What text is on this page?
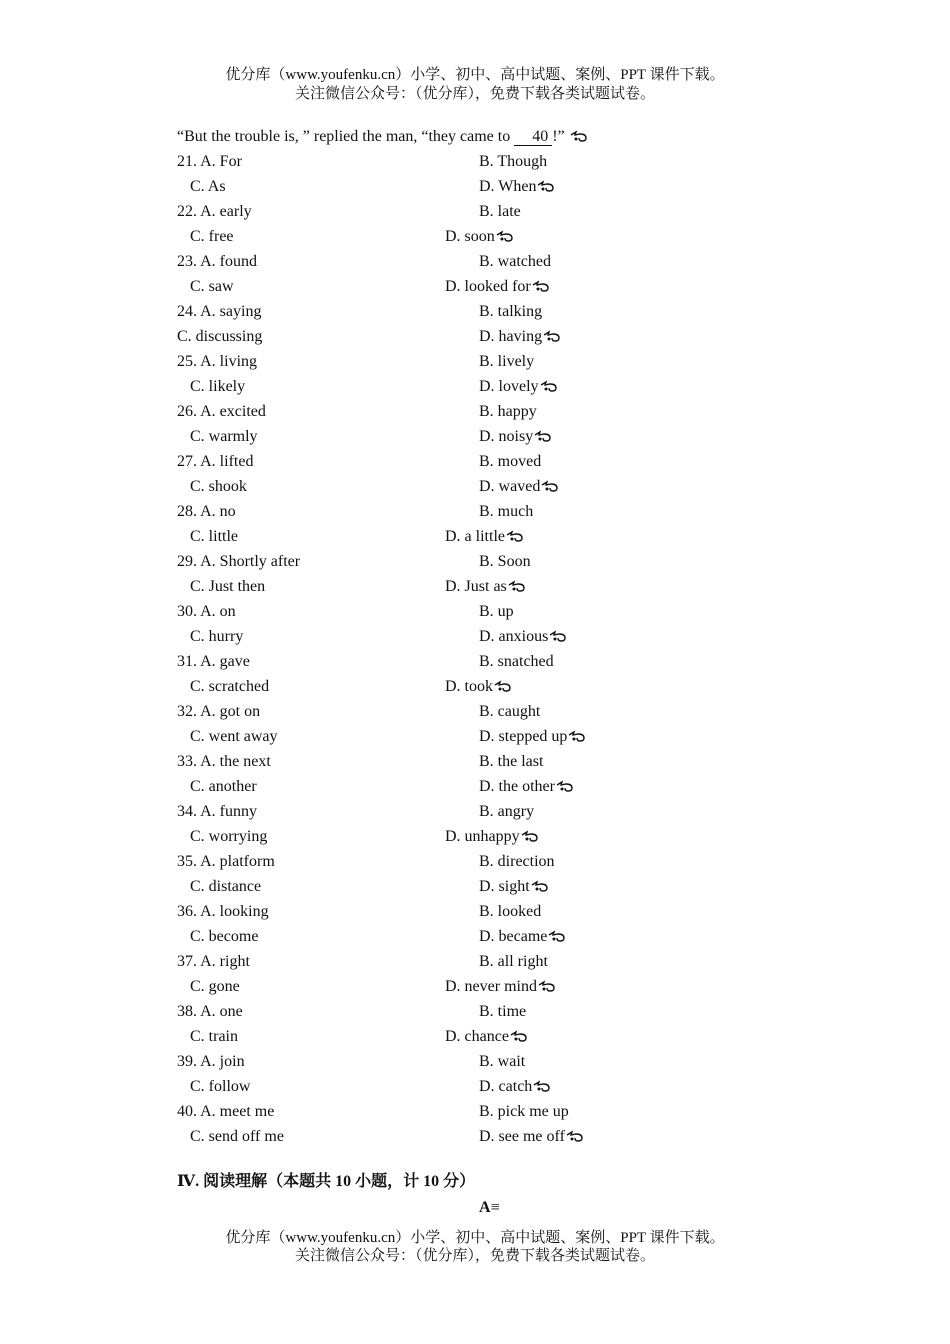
优分库（www.youfenku.cn）小学、初中、高中试题、案例、PPT 课件下载。
关注微信公众号：（优分库），免费下载各类试题试卷。
“But the trouble is, ” replied the man, “they came to 40 !”
21. A. For	B. Though
C. As	D. When
22. A. early	B. late
C. free	D. soon
23. A. found	B. watched
C. saw	D. looked for
24. A. saying	B. talking
C. discussing	D. having
25. A. living	B. lively
C. likely	D. lovely
26. A. excited	B. happy
C. warmly	D. noisy
27. A. lifted	B. moved
C. shook	D. waved
28. A. no	B. much
C. little	D. a little
29. A. Shortly after	B. Soon
C. Just then	D. Just as
30. A. on	B. up
C. hurry	D. anxious
31. A. gave	B. snatched
C. scratched	D. took
32. A. got on	B. caught
C. went away	D. stepped up
33. A. the next	B. the last
C. another	D. the other
34. A. funny	B. angry
C. worrying	D. unhappy
35. A. platform	B. direction
C. distance	D. sight
36. A. looking	B. looked
C. become	D. became
37. A. right	B. all right
C. gone	D. never mind
38. A. one	B. time
C. train	D. chance
39. A. join	B. wait
C. follow	D. catch
40. A. meet me	B. pick me up
C. send off me	D. see me off
Ⅳ. 阅读理解（本题共 10 小题，计 10 分）
A≡
优分库（www.youfenku.cn）小学、初中、高中试题、案例、PPT 课件下载。
关注微信公众号：（优分库），免费下载各类试题试卷。
